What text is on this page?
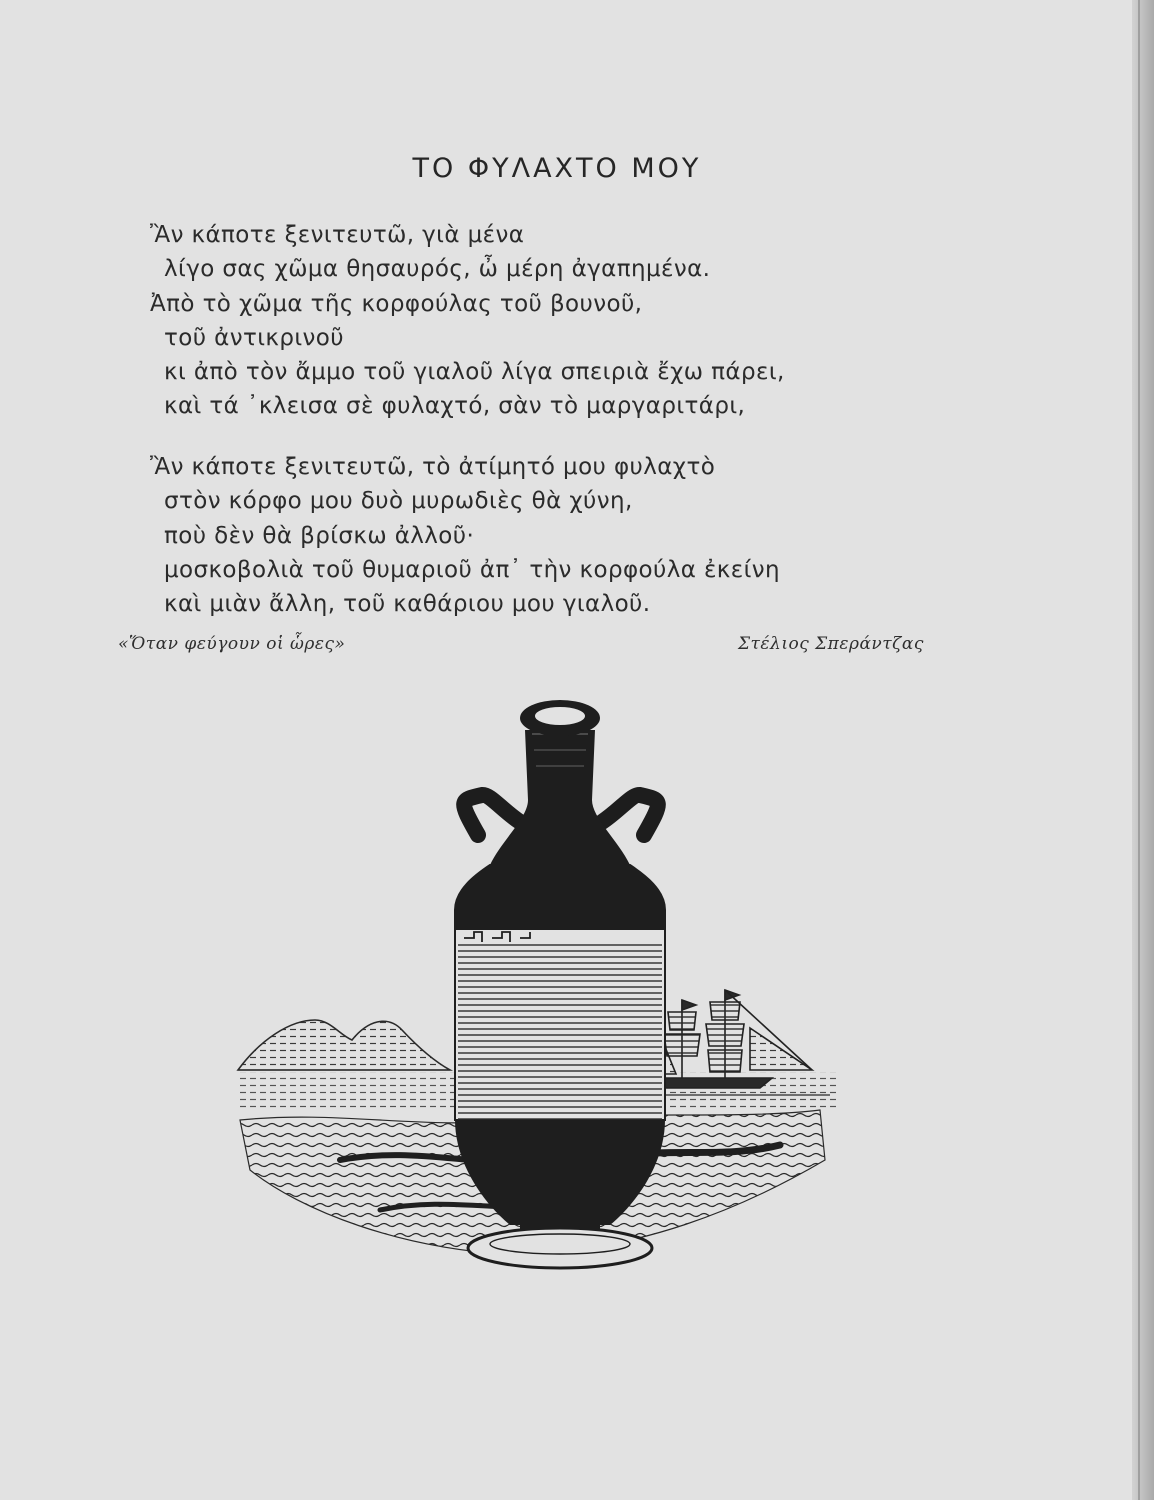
ΤΟ ΦΥΛΑΧΤΟ ΜΟΥ
Ἂν κάποτε ξενιτευτῶ, γιὰ μένα
λίγο σας χῶμα θησαυρός, ὦ μέρη ἀγαπημένα.
Ἀπὸ τὸ χῶμα τῆς κορφούλας τοῦ βουνοῦ,
τοῦ ἀντικρινοῦ
κι ἀπὸ τὸν ἄμμο τοῦ γιαλοῦ λίγα σπειριὰ ἔχω πάρει,
καὶ τά ᾿κλεισα σὲ φυλαχτό, σὰν τὸ μαργαριτάρι,
Ἂν κάποτε ξενιτευτῶ, τὸ ἀτίμητό μου φυλαχτὸ
στὸν κόρφο μου δυὸ μυρωδιὲς θὰ χύνη,
ποὺ δὲν θὰ βρίσκω ἀλλοῦ·
μοσκοβολιὰ τοῦ θυμαριοῦ ἀπ᾿ τὴν κορφούλα ἐκείνη
καὶ μιὰν ἄλλη, τοῦ καθάριου μου γιαλοῦ.
«Ὅταν φεύγουν οἱ ὧρες»	Στέλιος Σπεράντζας
